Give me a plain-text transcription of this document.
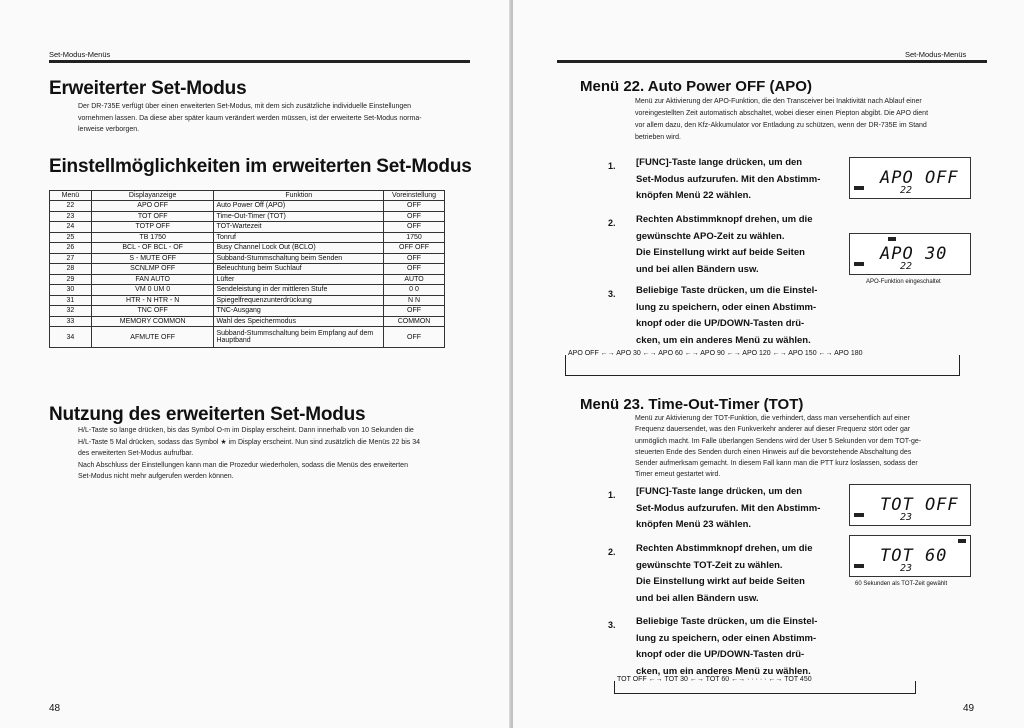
Set-Modus-Menüs
Erweiterter Set-Modus
Der DR-735E verfügt über einen erweiterten Set-Modus, mit dem sich zusätzliche individuelle Einstellungen
vornehmen lassen. Da diese aber später kaum verändert werden müssen, ist der erweiterte Set-Modus norma-
lerweise verborgen.
Einstellmöglichkeiten im erweiterten Set-Modus
Menü	Displayanzeige	Funktion	Voreinstellung
22	APO OFF	Auto Power Off (APO)	OFF
23	TOT OFF	Time-Out-Timer (TOT)	OFF
24	TOTP OFF	TOT-Wartezeit	OFF
25	TB 1750	Tonruf	1750
26	BCL - OF BCL - OF	Busy Channel Lock Out (BCLO)	OFF OFF
27	S - MUTE OFF	Subband-Stummschaltung beim Senden	OFF
28	SCNLMP OFF	Beleuchtung beim Suchlauf	OFF
29	FAN AUTO	Lüfter	AUTO
30	VM 0 UM 0	Sendeleistung in der mittleren Stufe	0 0
31	HTR - N HTR - N	Spiegelfrequenzunterdrückung	N N
32	TNC OFF	TNC-Ausgang	OFF
33	MEMORY COMMON	Wahl des Speichermodus	COMMON
34	AFMUTE OFF	Subband-Stummschaltung beim Empfang auf dem Hauptband	OFF
Nutzung des erweiterten Set-Modus
H/L-Taste so lange drücken, bis das Symbol O-m im Display erscheint. Dann innerhalb von 10 Sekunden die
H/L-Taste 5 Mal drücken, sodass das Symbol ★ im Display erscheint. Nun sind zusätzlich die Menüs 22 bis 34
des erweiterten Set-Modus aufrufbar.
Nach Abschluss der Einstellungen kann man die Prozedur wiederholen, sodass die Menüs des erweiterten
Set-Modus nicht mehr aufgerufen werden können.
48
Set-Modus-Menüs
Menü 22. Auto Power OFF (APO)
Menü zur Aktivierung der APO-Funktion, die den Transceiver bei Inaktivität nach Ablauf einer
voreingestellten Zeit automatisch abschaltet, wobei dieser einen Piepton abgibt. Die APO dient
vor allem dazu, den Kfz-Akkumulator vor Entladung zu schützen, wenn der DR-735E im Stand
betrieben wird.
1. [FUNC]-Taste lange drücken, um den
Set-Modus aufzurufen. Mit den Abstimm-
knöpfen Menü 22 wählen.
APO OFF
22
2. Rechten Abstimmknopf drehen, um die
gewünschte APO-Zeit zu wählen.
Die Einstellung wirkt auf beide Seiten
und bei allen Bändern usw.
APO 30
22
APO-Funktion eingeschaltet
3. Beliebige Taste drücken, um die Einstel-
lung zu speichern, oder einen Abstimm-
knopf oder die UP/DOWN-Tasten drü-
cken, um ein anderes Menü zu wählen.
APO OFF ←→ APO 30 ←→ APO 60 ←→ APO 90 ←→ APO 120 ←→ APO 150 ←→ APO 180
Menü 23. Time-Out-Timer (TOT)
Menü zur Aktivierung der TOT-Funktion, die verhindert, dass man versehentlich auf einer
Frequenz dauersendet, was den Funkverkehr anderer auf dieser Frequenz stört oder gar
unmöglich macht. Im Falle überlangen Sendens wird der User 5 Sekunden vor dem TOT-ge-
steuerten Ende des Senden durch einen Hinweis auf die bevorstehende Abschaltung des
Sender aufmerksam gemacht. In diesem Fall kann man die PTT kurz loslassen, sodass der
Timer erneut gestartet wird.
1. [FUNC]-Taste lange drücken, um den
Set-Modus aufzurufen. Mit den Abstimm-
knöpfen Menü 23 wählen.
TOT OFF
23
2. Rechten Abstimmknopf drehen, um die
gewünschte TOT-Zeit zu wählen.
Die Einstellung wirkt auf beide Seiten
und bei allen Bändern usw.
TOT 60
23
60 Sekunden als TOT-Zeit gewählt
3. Beliebige Taste drücken, um die Einstel-
lung zu speichern, oder einen Abstimm-
knopf oder die UP/DOWN-Tasten drü-
cken, um ein anderes Menü zu wählen.
TOT OFF ←→ TOT 30 ←→ TOT 60 ←→ · · · · · ←→ TOT 450
49
